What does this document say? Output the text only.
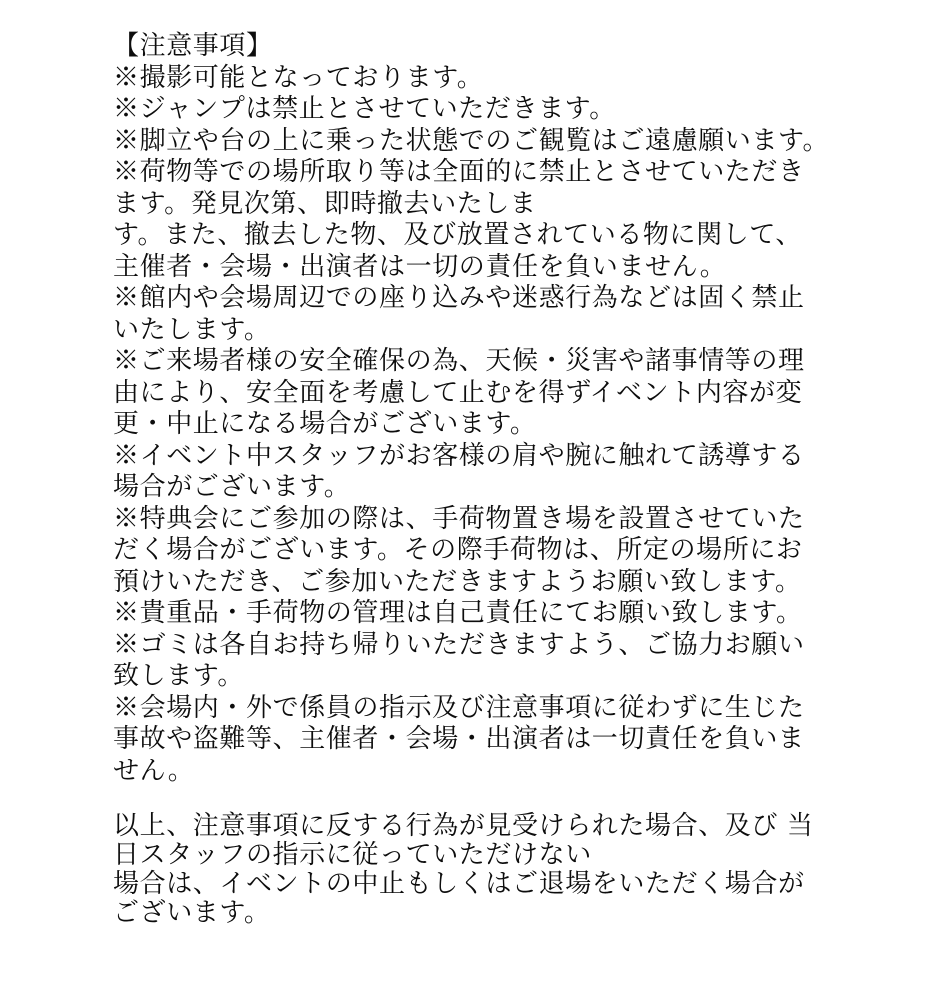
【注意事項】
※撮影可能となっております。
※ジャンプは禁止とさせていただきます。
※脚立や台の上に乗った状態でのご観覧はご遠慮願います。
※荷物等での場所取り等は全面的に禁止とさせていただき
ます。発見次第、即時撤去いたしま
す。また、撤去した物、及び放置されている物に関して、
主催者・会場・出演者は一切の責任を負いません。
※館内や会場周辺での座り込みや迷惑行為などは固く禁止
いたします。
※ご来場者様の安全確保の為、天候・災害や諸事情等の理
由により、安全面を考慮して止むを得ずイベント内容が変
更・中止になる場合がございます。
※イベント中スタッフがお客様の肩や腕に触れて誘導する
場合がございます。
※特典会にご参加の際は、手荷物置き場を設置させていた
だく場合がございます。その際手荷物は、所定の場所にお
預けいただき、ご参加いただきますようお願い致します。
※貴重品・手荷物の管理は自己責任にてお願い致します。
※ゴミは各自お持ち帰りいただきますよう、ご協力お願い
致します。
※会場内・外で係員の指示及び注意事項に従わずに生じた
事故や盗難等、主催者・会場・出演者は一切責任を負いま
せん。
以上、注意事項に反する行為が見受けられた場合、及び 当
日スタッフの指示に従っていただけない
場合は、イベントの中止もしくはご退場をいただく場合が
ございます。
